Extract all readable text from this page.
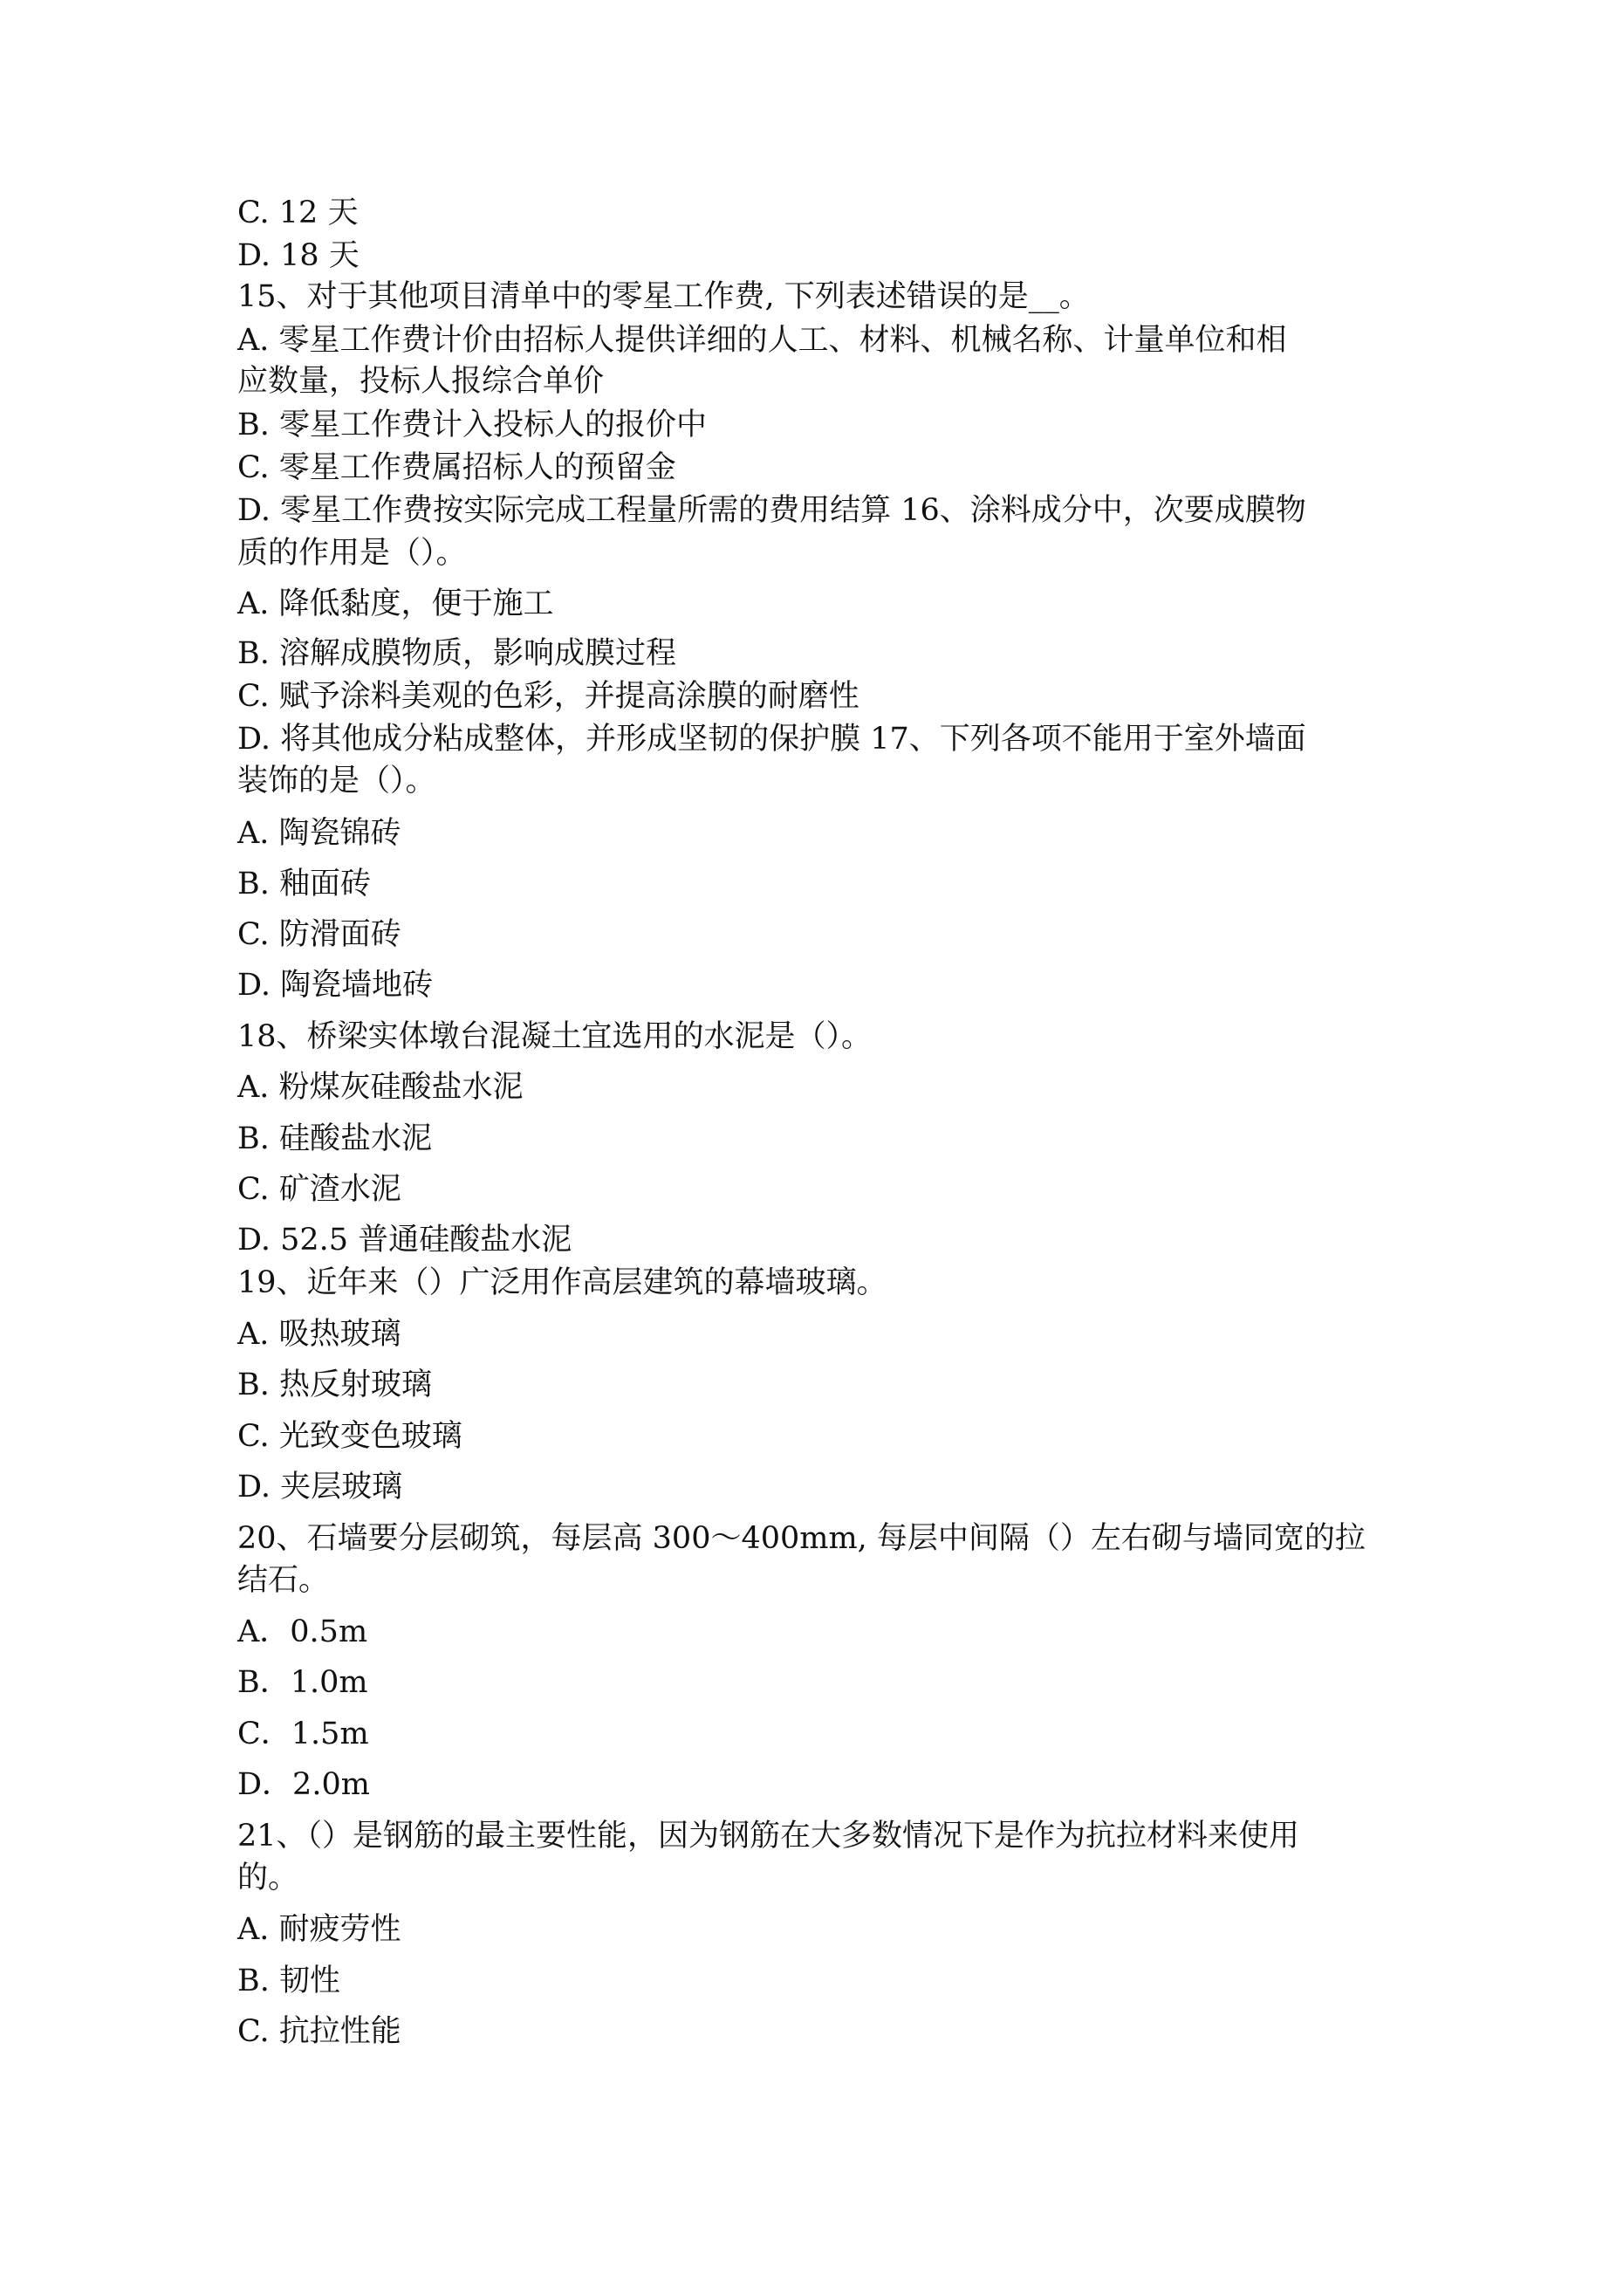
C. 12 天
D. 18 天
15、对于其他项目清单中的零星工作费, 下列表述错误的是__。
A. 零星工作费计价由招标人提供详细的人工、材料、机械名称、计量单位和相
应数量，投标人报综合单价
B. 零星工作费计入投标人的报价中
C. 零星工作费属招标人的预留金
D. 零星工作费按实际完成工程量所需的费用结算 16、涂料成分中，次要成膜物
质的作用是（）。
A. 降低黏度，便于施工
B. 溶解成膜物质，影响成膜过程
C. 赋予涂料美观的色彩，并提高涂膜的耐磨性
D. 将其他成分粘成整体，并形成坚韧的保护膜 17、下列各项不能用于室外墙面
装饰的是（）。
A. 陶瓷锦砖
B. 釉面砖
C. 防滑面砖
D. 陶瓷墙地砖
18、桥梁实体墩台混凝土宜选用的水泥是（）。
A. 粉煤灰硅酸盐水泥
B. 硅酸盐水泥
C. 矿渣水泥
D. 52.5 普通硅酸盐水泥
19、近年来（）广泛用作高层建筑的幕墙玻璃。
A. 吸热玻璃
B. 热反射玻璃
C. 光致变色玻璃
D. 夹层玻璃
20、石墙要分层砌筑，每层高 300～400mm, 每层中间隔（）左右砌与墙同宽的拉
结石。
A．0.5m
B．1.0m
C．1.5m
D．2.0m
21、（）是钢筋的最主要性能，因为钢筋在大多数情况下是作为抗拉材料来使用
的。
A. 耐疲劳性
B. 韧性
C. 抗拉性能
